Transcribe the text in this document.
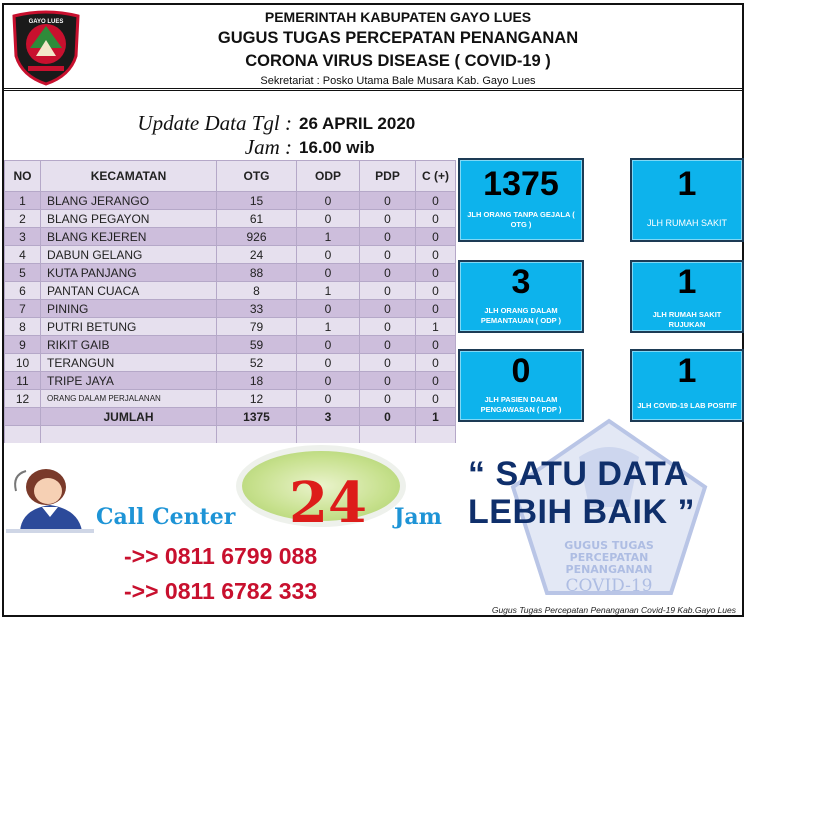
GAYO LUES	PEMERINTAH KABUPATEN GAYO LUES
GUGUS TUGAS PERCEPATAN PENANGANAN
CORONA VIRUS DISEASE ( COVID-19 )
Sekretariat : Posko Utama Bale Musara Kab. Gayo Lues
Update Data Tgl : 26 APRIL 2020
Jam : 16.00 wib
NO	KECAMATAN	OTG	ODP	PDP	C (+)
1	BLANG JERANGO	15	0	0	0
2	BLANG PEGAYON	61	0	0	0
3	BLANG KEJEREN	926	1	0	0
4	DABUN GELANG	24	0	0	0
5	KUTA PANJANG	88	0	0	0
6	PANTAN CUACA	8	1	0	0
7	PINING	33	0	0	0
8	PUTRI BETUNG	79	1	0	1
9	RIKIT GAIB	59	0	0	0
10	TERANGUN	52	0	0	0
11	TRIPE JAYA	18	0	0	0
12	ORANG DALAM PERJALANAN	12	0	0	0
	JUMLAH	1375	3	0	1

1375
JLH ORANG TANPA GEJALA ( OTG )
1
JLH RUMAH SAKIT
3
JLH ORANG DALAM PEMANTAUAN ( ODP )
1
JLH RUMAH SAKIT RUJUKAN
0
JLH PASIEN DALAM PENGAWASAN ( PDP )
1
JLH COVID-19 LAB POSITIF
GUGUS TUGAS
PERCEPATAN
PENANGANAN
COVID-19
“ SATU DATA
LEBIH BAIK ”
Gugus Tugas Percepatan Penanganan Covid-19 Kab.Gayo Lues
Call Center 24 Jam
->> 0811 6799 088
->> 0811 6782 333
